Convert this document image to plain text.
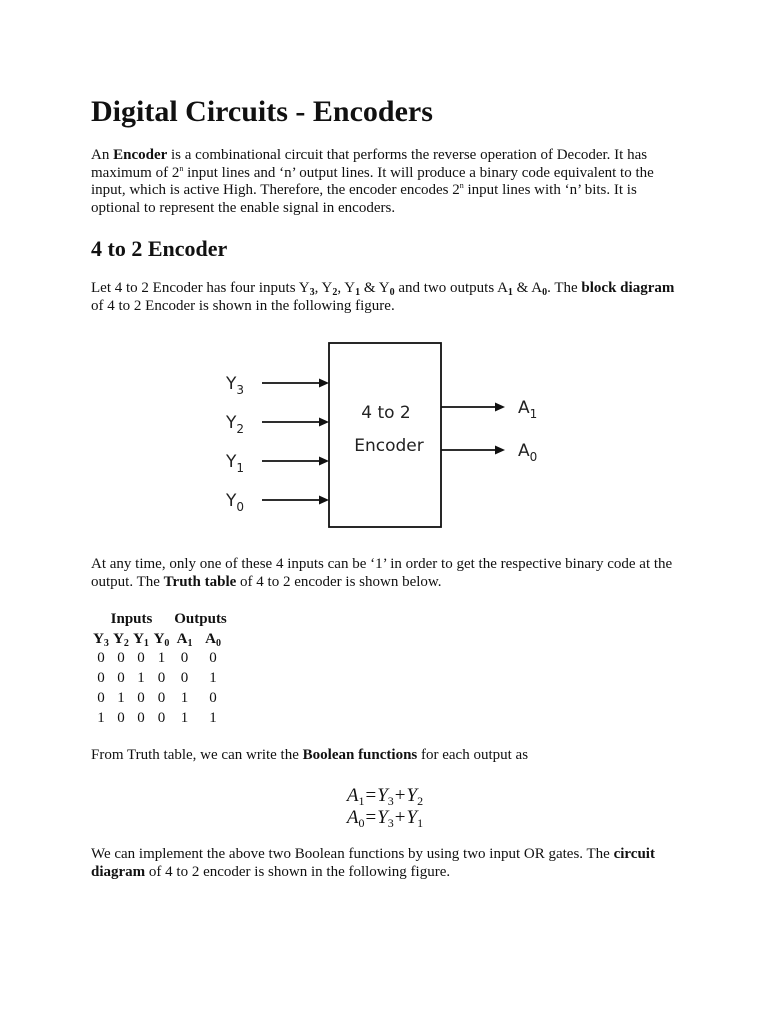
Digital Circuits - Encoders

An Encoder is a combinational circuit that performs the reverse operation of Decoder. It has
maximum of 2$^n$ input lines and ‘n’ output lines. It will produce a binary code equivalent to the
input, which is active High. Therefore, the encoder encodes 2$^n$ input lines with ‘n’ bits. It is
optional to represent the enable signal in encoders.

4 to 2 Encoder

Let 4 to 2 Encoder has four inputs $Y_3$, $Y_2$, $Y_1$ & $Y_0$ and two outputs $A_1$ & $A_0$. The block diagram
of 4 to 2 Encoder is shown in the following figure.

$Y_3$
$Y_2$
$Y_1$
$Y_0$
4 to 2
Encoder
$A_1$
$A_0$

At any time, only one of these 4 inputs can be ‘1’ in order to get the respective binary code at the
output. The Truth table of 4 to 2 encoder is shown below.

Inputs				Outputs	
$Y_3$	$Y_2$	$Y_1$	$Y_0$	$A_1$	$A_0$
0	0	0	1	0	0
0	0	1	0	0	1
0	1	0	0	1	0
1	0	0	0	1	1

From Truth table, we can write the Boolean functions for each output as

$A_1=Y_3+Y_2$
$A_0=Y_3+Y_1$

We can implement the above two Boolean functions by using two input OR gates. The circuit
diagram of 4 to 2 encoder is shown in the following figure.
